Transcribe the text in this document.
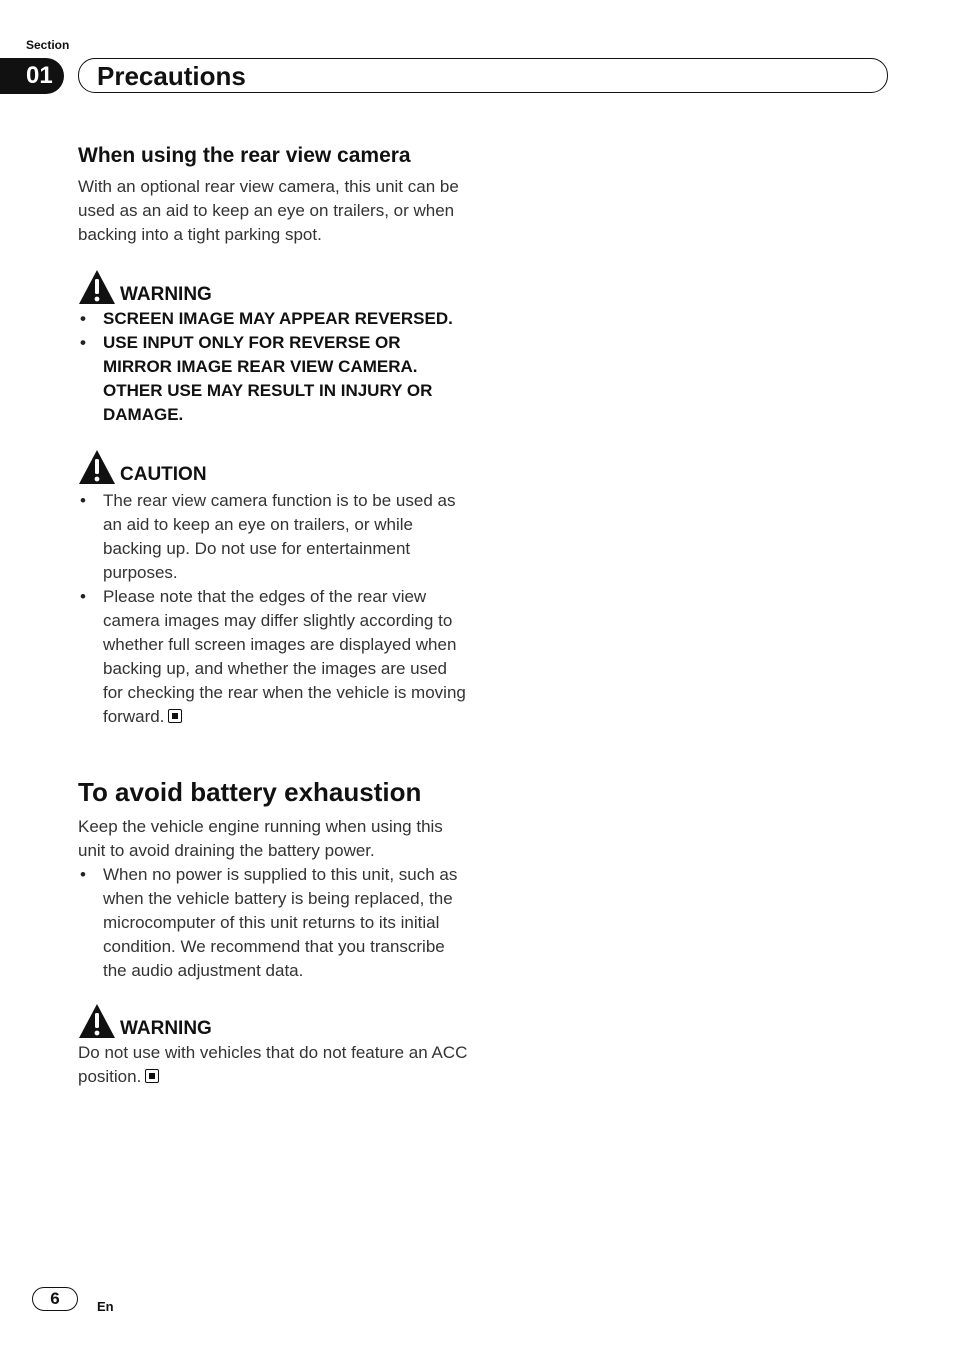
Section
01	Precautions
When using the rear view camera

With an optional rear view camera, this unit can be used as an aid to keep an eye on trailers, or when backing into a tight parking spot.

WARNING
• SCREEN IMAGE MAY APPEAR REVERSED.
• USE INPUT ONLY FOR REVERSE OR MIRROR IMAGE REAR VIEW CAMERA. OTHER USE MAY RESULT IN INJURY OR DAMAGE.
CAUTION
• The rear view camera function is to be used as an aid to keep an eye on trailers, or while backing up. Do not use for entertainment purposes.
• Please note that the edges of the rear view camera images may differ slightly according to whether full screen images are displayed when backing up, and whether the images are used for checking the rear when the vehicle is moving forward.
To avoid battery exhaustion

Keep the vehicle engine running when using this unit to avoid draining the battery power.

• When no power is supplied to this unit, such as when the vehicle battery is being replaced, the microcomputer of this unit returns to its initial condition. We recommend that you transcribe the audio adjustment data.
WARNING

Do not use with vehicles that do not feature an ACC position.

6	En
